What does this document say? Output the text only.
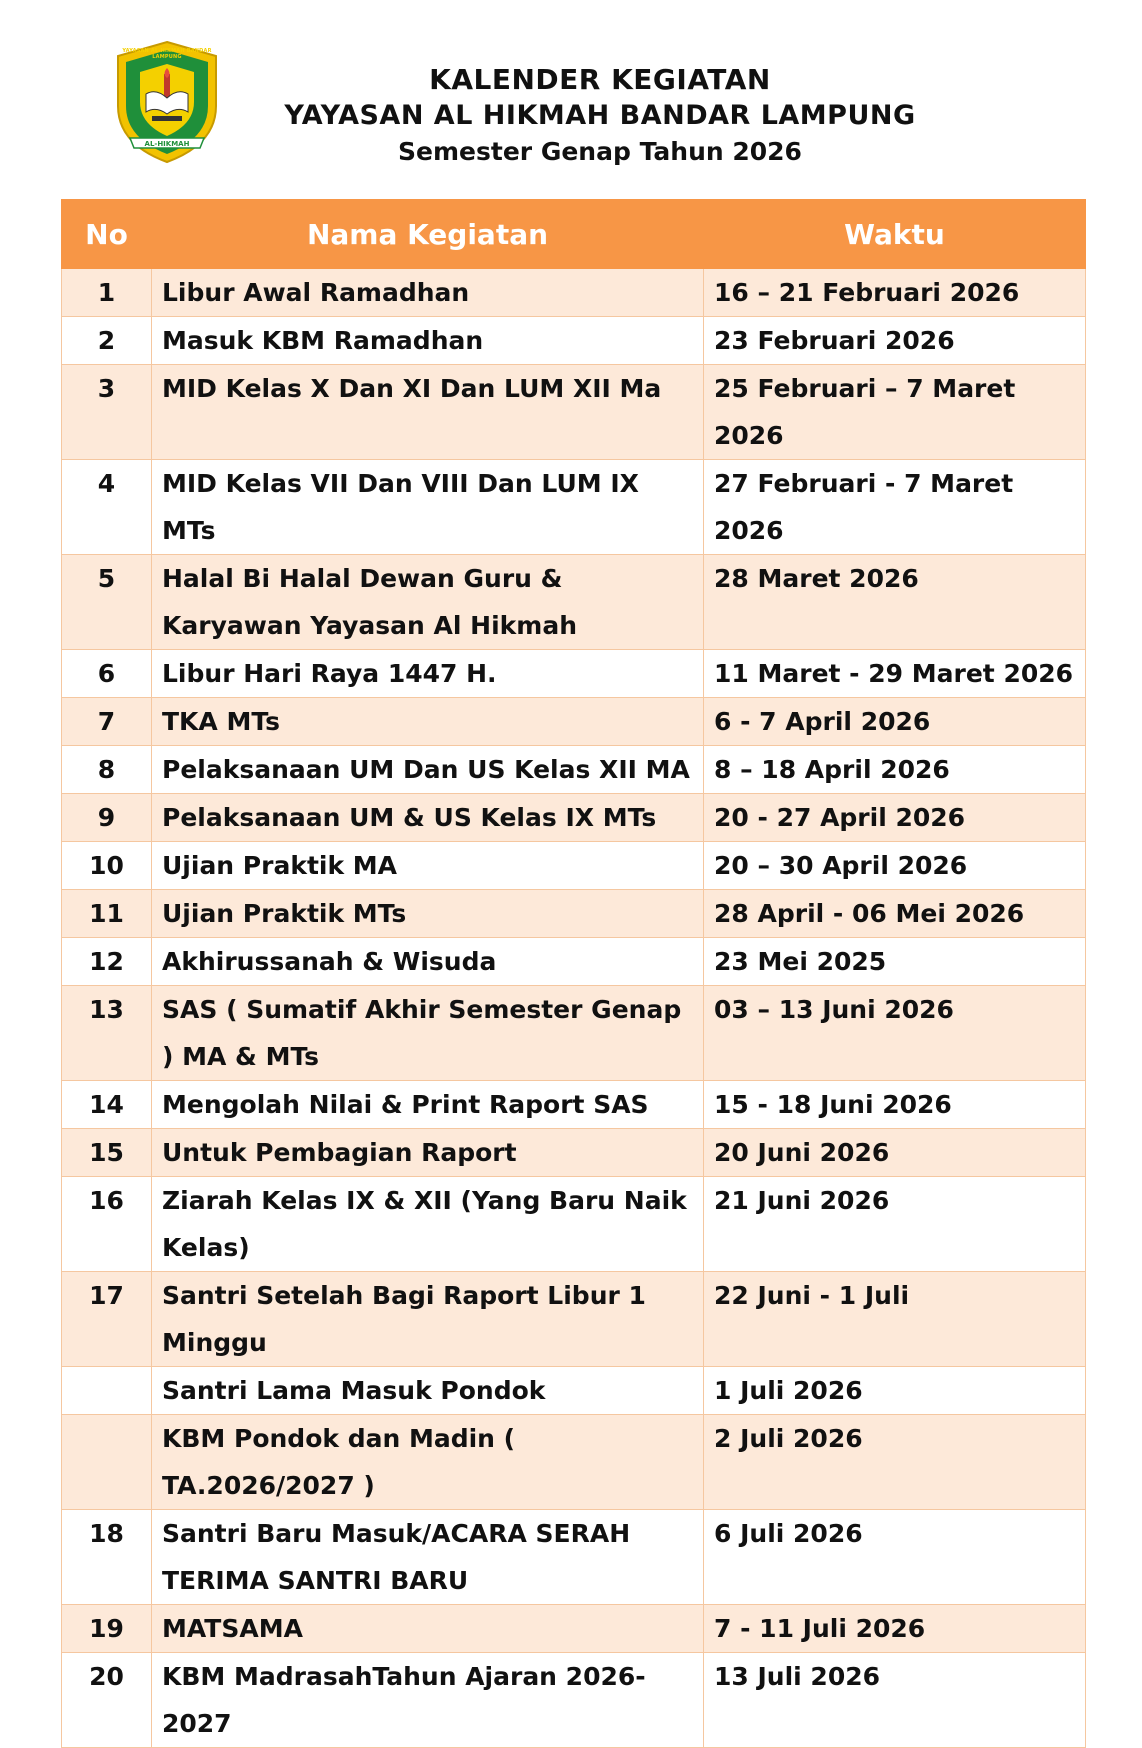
AL-HIKMAH
YAYASAN AL-HIKMAH BANDAR LAMPUNG
KALENDER KEGIATAN
YAYASAN AL HIKMAH BANDAR LAMPUNG
Semester Genap Tahun 2026
No	Nama Kegiatan	Waktu
1	Libur Awal Ramadhan	16 – 21 Februari 2026
2	Masuk KBM Ramadhan	23 Februari 2026
3	MID Kelas X Dan XI Dan LUM XII Ma	25 Februari – 7 Maret 2026
4	MID Kelas VII Dan VIII Dan LUM IX MTs	27 Februari - 7 Maret 2026
5	Halal Bi Halal Dewan Guru & Karyawan Yayasan Al Hikmah	28 Maret 2026
6	Libur Hari Raya 1447 H.	11 Maret - 29 Maret 2026
7	TKA MTs	6 - 7 April 2026
8	Pelaksanaan UM Dan US Kelas XII MA	8 – 18 April 2026
9	Pelaksanaan UM & US Kelas IX MTs	20 - 27 April 2026
10	Ujian Praktik MA	20 – 30 April 2026
11	Ujian Praktik MTs	28 April - 06 Mei 2026
12	Akhirussanah & Wisuda	23 Mei 2025
13	SAS ( Sumatif Akhir Semester Genap ) MA & MTs	03 – 13 Juni 2026
14	Mengolah Nilai & Print Raport SAS	15 - 18 Juni 2026
15	Untuk Pembagian Raport	20 Juni 2026
16	Ziarah Kelas IX & XII (Yang Baru Naik Kelas)	21 Juni 2026
17	Santri Setelah Bagi Raport Libur 1 Minggu	22 Juni - 1 Juli
	Santri Lama Masuk Pondok	1 Juli 2026
	KBM Pondok dan Madin ( TA.2026/2027 )	2 Juli 2026
18	Santri Baru Masuk/ACARA SERAH TERIMA SANTRI BARU	6 Juli 2026
19	MATSAMA	7 - 11 Juli 2026
20	KBM MadrasahTahun Ajaran 2026-2027	13 Juli 2026
